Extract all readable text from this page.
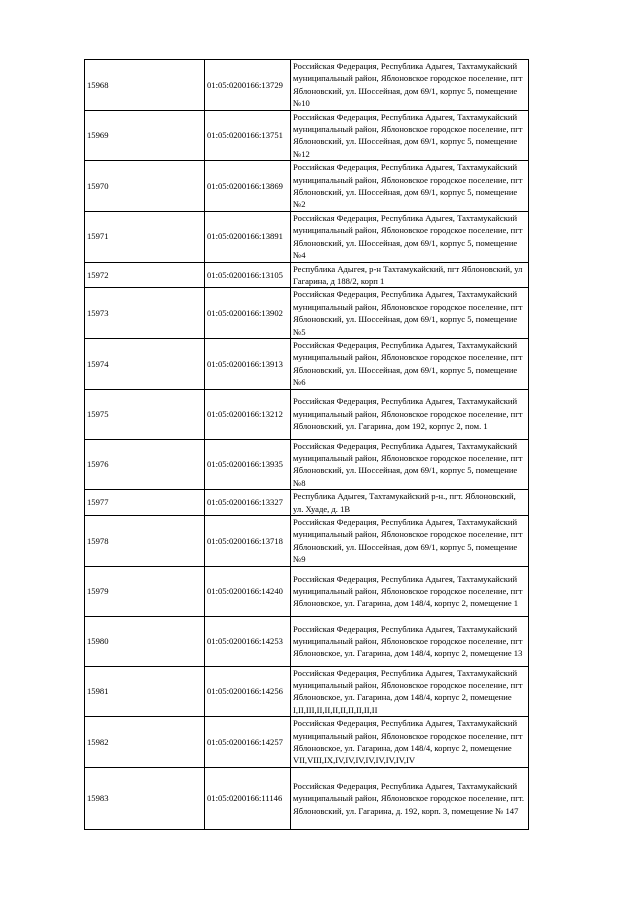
15968	01:05:0200166:13729	Российская Федерация, Республика Адыгея, Тахтамукайский муниципальный район, Яблоновское городское поселение, пгт Яблоновский, ул. Шоссейная, дом 69/1, корпус 5, помещение №10
15969	01:05:0200166:13751	Российская Федерация, Республика Адыгея, Тахтамукайский муниципальный район, Яблоновское городское поселение, пгт Яблоновский, ул. Шоссейная, дом 69/1, корпус 5, помещение №12
15970	01:05:0200166:13869	Российская Федерация, Республика Адыгея, Тахтамукайский муниципальный район, Яблоновское городское поселение, пгт Яблоновский, ул. Шоссейная, дом 69/1, корпус 5, помещение №2
15971	01:05:0200166:13891	Российская Федерация, Республика Адыгея, Тахтамукайский муниципальный район, Яблоновское городское поселение, пгт Яблоновский, ул. Шоссейная, дом 69/1, корпус 5, помещение №4
15972	01:05:0200166:13105	Республика Адыгея, р-н Тахтамукайский, пгт Яблоновский, ул Гагарина, д 188/2, корп 1
15973	01:05:0200166:13902	Российская Федерация, Республика Адыгея, Тахтамукайский муниципальный район, Яблоновское городское поселение, пгт Яблоновский, ул. Шоссейная, дом 69/1, корпус 5, помещение №5
15974	01:05:0200166:13913	Российская Федерация, Республика Адыгея, Тахтамукайский муниципальный район, Яблоновское городское поселение, пгт Яблоновский, ул. Шоссейная, дом 69/1, корпус 5, помещение №6
15975	01:05:0200166:13212	Российская Федерация, Республика Адыгея, Тахтамукайский муниципальный район, Яблоновское городское поселение, пгт Яблоновский, ул. Гагарина, дом 192, корпус 2, пом. 1
15976	01:05:0200166:13935	Российская Федерация, Республика Адыгея, Тахтамукайский муниципальный район, Яблоновское городское поселение, пгт Яблоновский, ул. Шоссейная, дом 69/1, корпус 5, помещение №8
15977	01:05:0200166:13327	Республика Адыгея, Тахтамукайский р-н., пгт. Яблоновский, ул. Хуаде, д. 1В
15978	01:05:0200166:13718	Российская Федерация, Республика Адыгея, Тахтамукайский муниципальный район, Яблоновское городское поселение, пгт Яблоновский, ул. Шоссейная, дом 69/1, корпус 5, помещение №9
15979	01:05:0200166:14240	Российская Федерация, Республика Адыгея, Тахтамукайский муниципальный район, Яблоновское городское поселение, пгт Яблоновское, ул. Гагарина, дом 148/4, корпус 2, помещение 1
15980	01:05:0200166:14253	Российская Федерация, Республика Адыгея, Тахтамукайский муниципальный район, Яблоновское городское поселение, пгт Яблоновское, ул. Гагарина, дом 148/4, корпус 2, помещение 13
15981	01:05:0200166:14256	Российская Федерация, Республика Адыгея, Тахтамукайский муниципальный район, Яблоновское городское поселение, пгт Яблоновское, ул. Гагарина, дом 148/4, корпус 2, помещение I,II,III,II,II,II,II,II,II,II,II
15982	01:05:0200166:14257	Российская Федерация, Республика Адыгея, Тахтамукайский муниципальный район, Яблоновское городское поселение, пгт Яблоновское, ул. Гагарина, дом 148/4, корпус 2, помещение VII,VIII,IX,IV,IV,IV,IV,IV,IV,IV,IV
15983	01:05:0200166:11146	Российская Федерация, Республика Адыгея, Тахтамукайский муниципальный район, Яблоновское городское поселение, пгт. Яблоновский, ул. Гагарина, д. 192, корп. 3, помещение № 147
